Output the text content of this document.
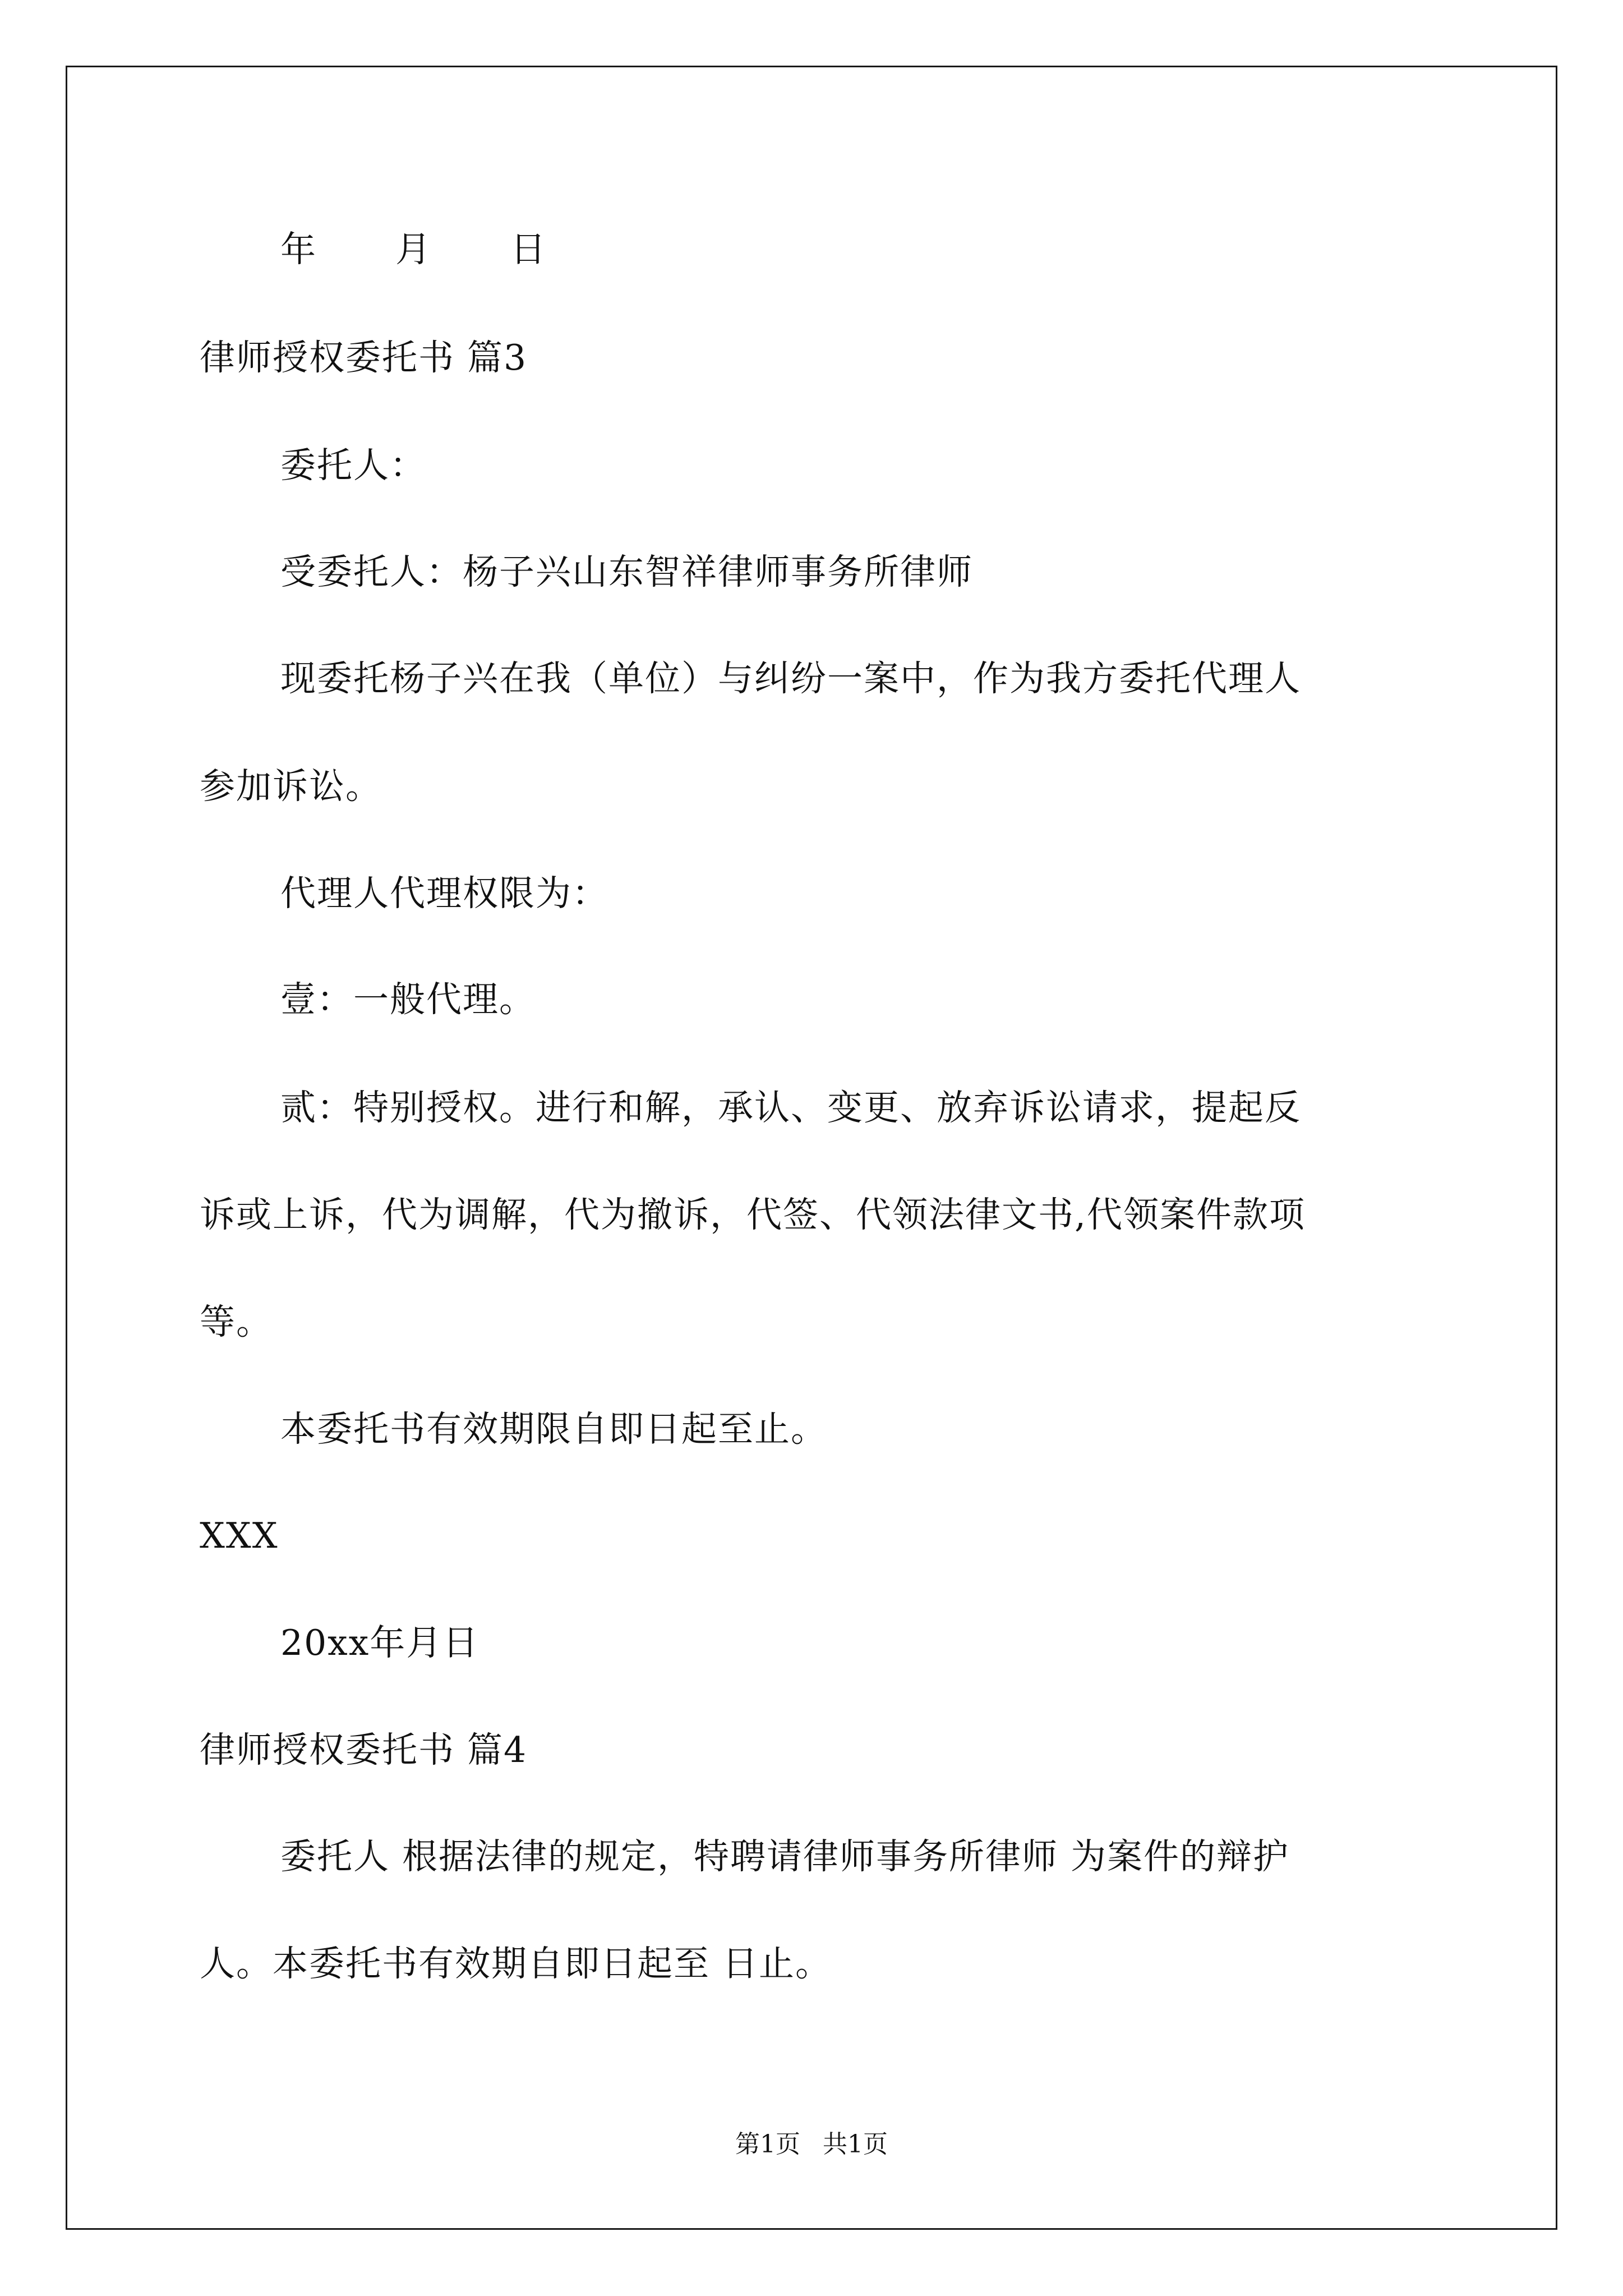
年 月 日
律师授权委托书 篇3
委托人：
受委托人：杨子兴山东智祥律师事务所律师
现委托杨子兴在我（单位）与纠纷一案中，作为我方委托代理人
参加诉讼。
代理人代理权限为：
壹：一般代理。
贰：特别授权。进行和解，承认、变更、放弃诉讼请求，提起反
诉或上诉，代为调解，代为撤诉，代签、代领法律文书,代领案件款项
等。
本委托书有效期限自即日起至止。
XXX
20xx年月日
律师授权委托书 篇4
委托人 根据法律的规定，特聘请律师事务所律师 为案件的辩护
人。本委托书有效期自即日起至 日止。
第1页 共1页
